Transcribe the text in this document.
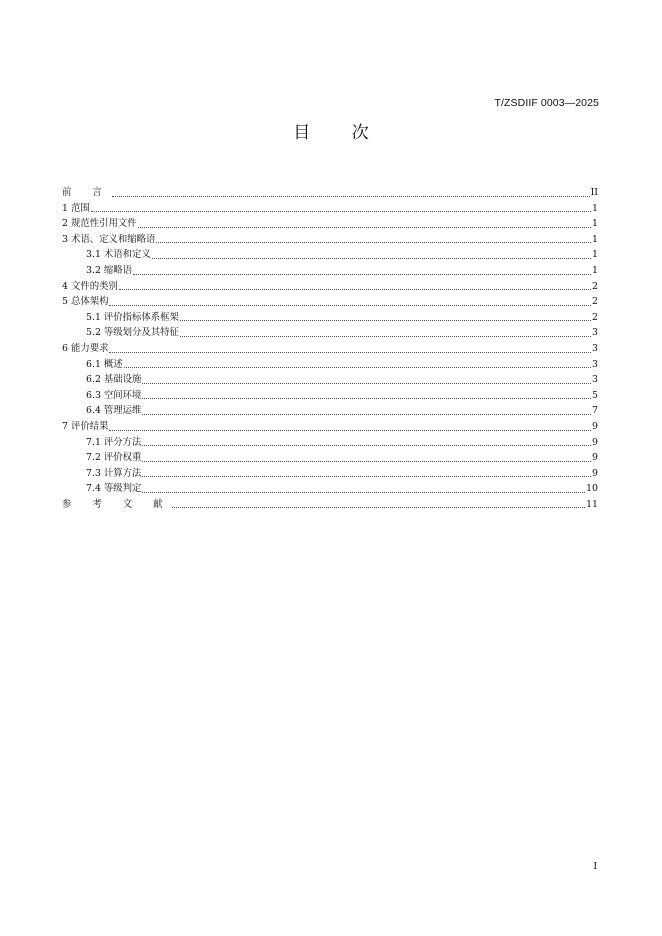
T/ZSDIIF 0003—2025
目 次
前 言	II
1 范围	1
2 规范性引用文件	1
3 术语、定义和缩略语	1
3.1 术语和定义	1
3.2 缩略语	1
4 文件的类别	2
5 总体架构	2
5.1 评价指标体系框架	2
5.2 等级划分及其特征	3
6 能力要求	3
6.1 概述	3
6.2 基础设施	3
6.3 空间环境	5
6.4 管理运维	7
7 评价结果	9
7.1 评分方法	9
7.2 评价权重	9
7.3 计算方法	9
7.4 等级判定	10
参 考 文 献	11
I
